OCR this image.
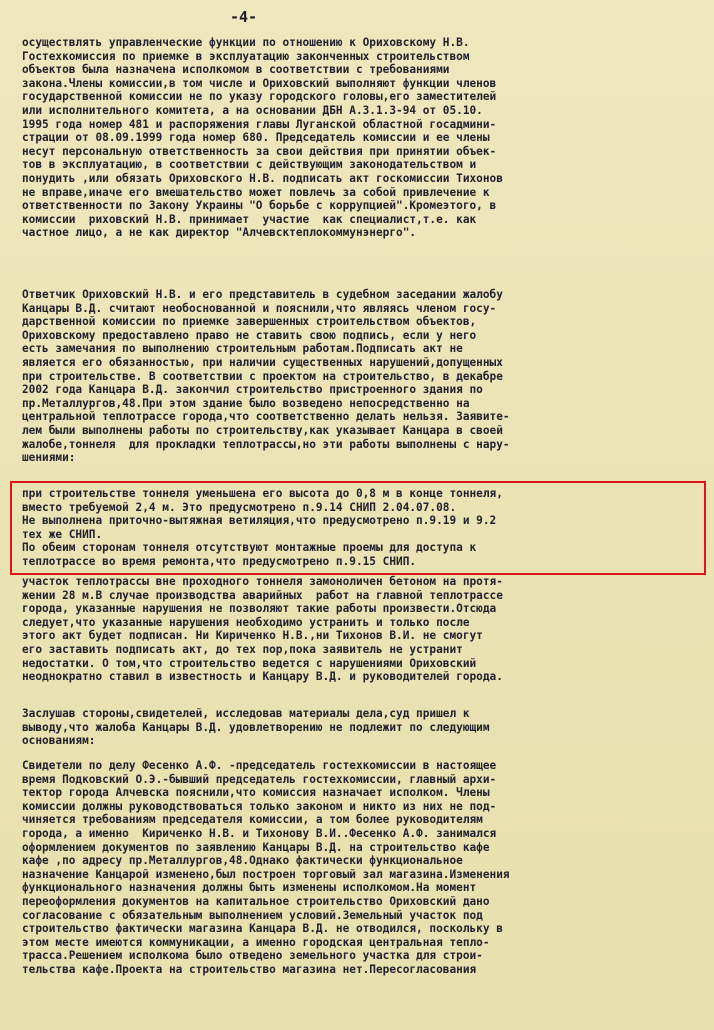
-4-
осуществлять управленческие функции по отношению к Ориховскому Н.В.
Гостехкомиссия по приемке в эксплуатацию законченных строительством
объектов была назначена исполкомом в соответствии с требованиями
закона.Члены комиссии,в том числе и Ориховский выполняют функции членов
государственной комиссии не по указу городского головы,его заместителей
или исполнительного комитета, а на основании ДБН А.3.1.3-94 от 05.10.
1995 года номер 481 и распоряжения главы Луганской областной госадмини-
страции от 08.09.1999 года номер 680. Председатель комиссии и ее члены
несут персональную ответственность за свои действия при принятии объек-
тов в эксплуатацию, в соответствии с действующим законодательством и
понудить ,или обязать Ориховского Н.В. подписать акт госкомиссии Тихонов
не вправе,иначе его вмешательство может повлечь за собой привлечение к
ответственности по Закону Украины "О борьбе с коррупцией".Кромеэтого, в
комиссии  риховский Н.В. принимает  участие  как специалист,т.е. как
частное лицо, а не как директор "Алчевсктеплокоммунэнерго".
Ответчик Ориховский Н.В. и его представитель в судебном заседании жалобу
Канцары В.Д. считают необоснованной и пояснили,что являясь членом госу-
дарственной комиссии по приемке завершенных строительством объектов,
Ориховскому предоставлено право не ставить свою подпись, если у него
есть замечания по выполнению строительным работам.Подписать акт не
является его обязанностью, при наличии существенных нарушений,допущенных
при строительстве. В соответствии с проектом на строительство, в декабре
2002 года Канцара В.Д. закончил строительство пристроенного здания по
пр.Металлургов,48.При этом здание было возведено непосредственно на
центральной теплотрассе города,что соответственно делать нельзя. Заявите-
лем были выполнены работы по строительству,как указывает Канцара в своей
жалобе,тоннеля  для прокладки теплотрассы,но эти работы выполнены с нару-
шениями:
при строительстве тоннеля уменьшена его высота до 0,8 м в конце тоннеля,
вместо требуемой 2,4 м. Это предусмотрено п.9.14 СНИП 2.04.07.08.
Не выполнена приточно-вытяжная ветиляция,что предусмотрено п.9.19 и 9.2
тех же СНИП.
По обеим сторонам тоннеля отсутствуют монтажные проемы для доступа к
теплотрассе во время ремонта,что предусмотрено п.9.15 СНИП.
участок теплотрассы вне проходного тоннеля замоноличен бетоном на протя-
жении 28 м.В случае производства аварийных  работ на главной теплотрассе
города, указанные нарушения не позволяют такие работы произвести.Отсюда
следует,что указанные нарушения необходимо устранить и только после
этого акт будет подписан. Ни Кириченко Н.В.,ни Тихонов В.И. не смогут
его заставить подписать акт, до тех пор,пока заявитель не устранит
недостатки. О том,что строительство ведется с нарушениями Ориховский
неоднократно ставил в известность и Канцару В.Д. и руководителей города.
Заслушав стороны,свидетелей, исследовав материалы дела,суд пришел к
выводу,что жалоба Канцары В.Д. удовлетворению не подлежит по следующим
основаниям:
Свидетели по делу Фесенко А.Ф. -председатель гостехкомиссии в настоящее
время Подковский О.Э.-бывший председатель гостехкомиссии, главный архи-
тектор города Алчевска пояснили,что комиссия назначает исполком. Члены
комиссии должны руководствоваться только законом и никто из них не под-
чиняется требованиям председателя комиссии, а том более руководителям
города, а именно  Кириченко Н.В. и Тихонову В.И..Фесенко А.Ф. занимался
оформлением документов по заявлению Канцары В.Д. на строительство кафе
кафе ,по адресу пр.Металлургов,48.Однако фактически функциональное
назначение Канцарой изменено,был построен торговый зал магазина.Изменения
функционального назначения должны быть изменены исполкомом.На момент
переоформления документов на капитальное строительство Ориховский дано
согласование с обязательным выполнением условий.Земельный участок под
строительство фактически магазина Канцара В.Д. не отводился, поскольку в
этом месте имеются коммуникации, а именно городская центральная тепло-
трасса.Решением исполкома было отведено земельного участка для строи-
тельства кафе.Проекта на строительство магазина нет.Пересогласования
